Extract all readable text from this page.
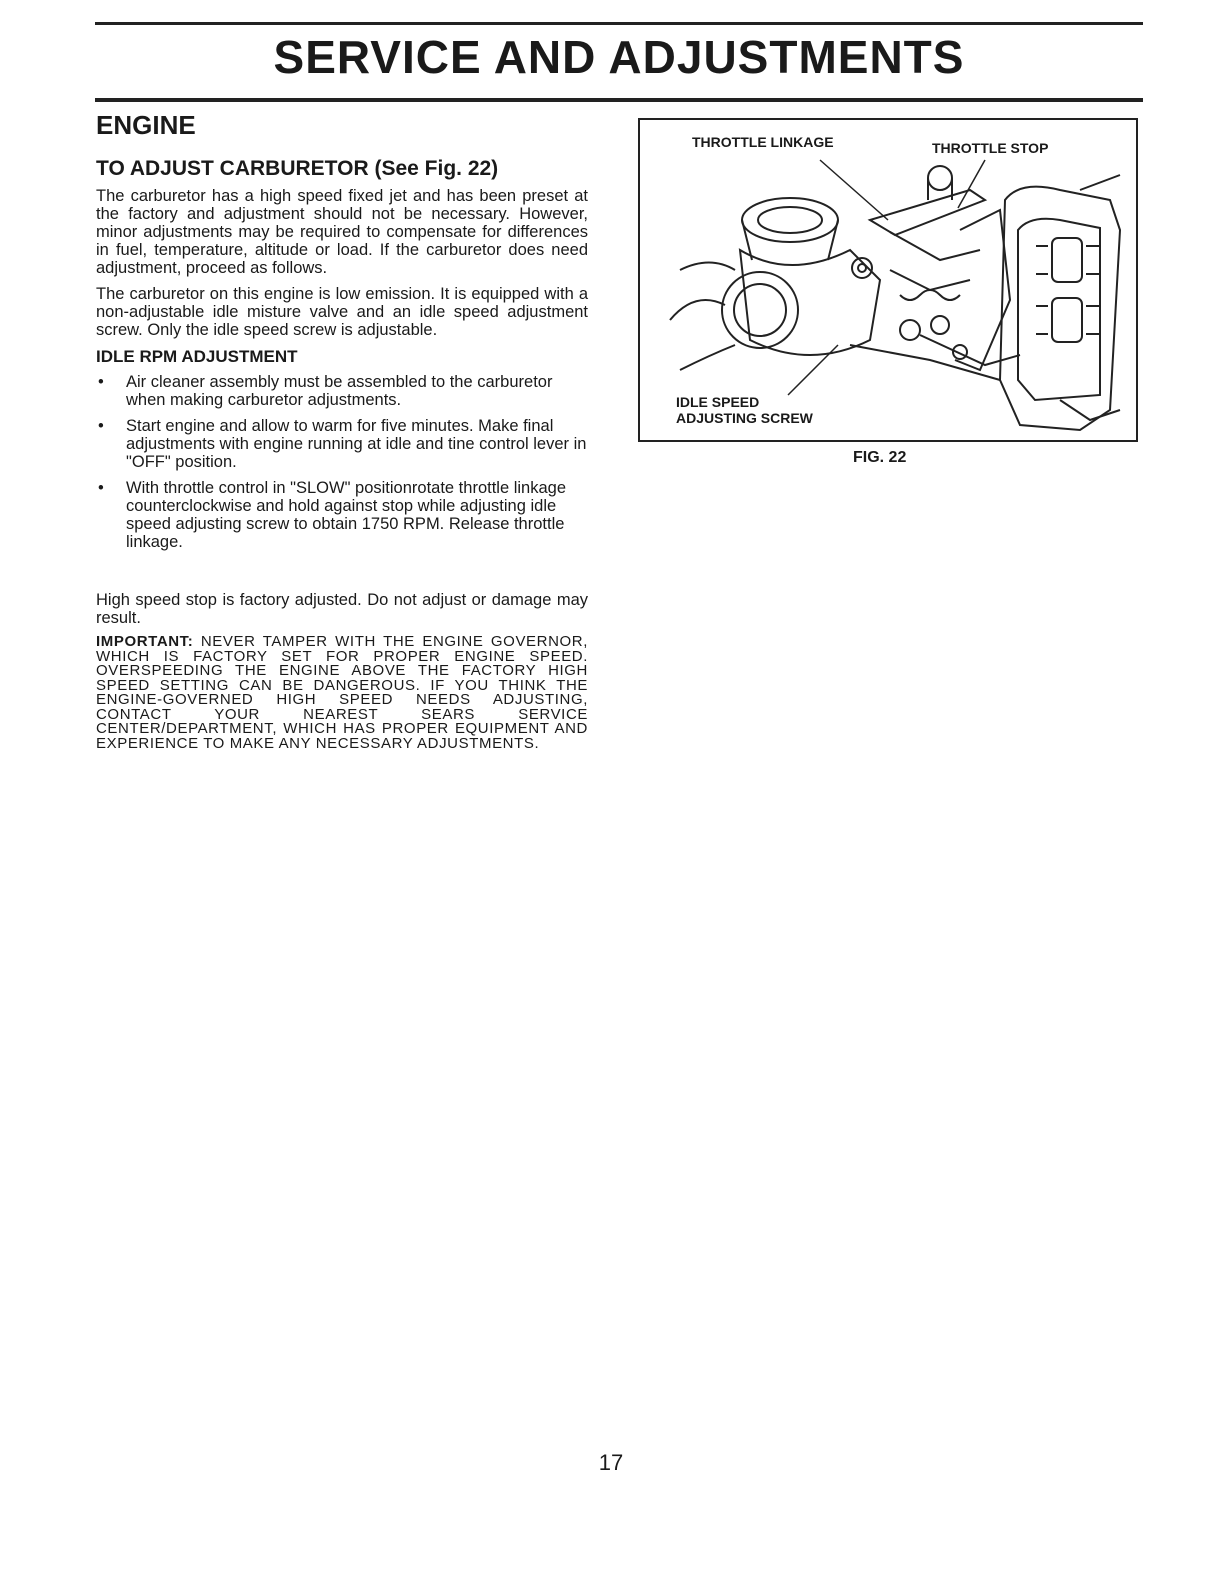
SERVICE AND ADJUSTMENTS
ENGINE
TO ADJUST CARBURETOR (See Fig. 22)

The carburetor has a high speed fixed jet and has been preset at the factory and adjustment should not be necessary. However, minor adjustments may be required to compensate for differences in fuel, temperature, altitude or load. If the carburetor does need adjustment, proceed as follows.

The carburetor on this engine is low emission. It is equipped with a non-adjustable idle misture valve and an idle speed adjustment screw. Only the idle speed screw is adjustable.

IDLE RPM ADJUSTMENT
•	Air cleaner assembly must be assembled to the carburetor when making carburetor adjustments.
•	Start engine and allow to warm for five minutes. Make final adjustments with engine running at idle and tine control lever in "OFF" position.
•	With throttle control in "SLOW" positionrotate throttle linkage counterclockwise and hold against stop while adjusting idle speed adjusting screw to obtain 1750 RPM. Release throttle linkage.

High speed stop is factory adjusted. Do not adjust or damage may result.

IMPORTANT: NEVER TAMPER WITH THE ENGINE GOVERNOR, WHICH IS FACTORY SET FOR PROPER ENGINE SPEED. OVERSPEEDING THE ENGINE ABOVE THE FACTORY HIGH SPEED SETTING CAN BE DANGEROUS. IF YOU THINK THE ENGINE-GOVERNED HIGH SPEED NEEDS ADJUSTING, CONTACT YOUR NEAREST SEARS SERVICE CENTER/DEPARTMENT, WHICH HAS PROPER EQUIPMENT AND EXPERIENCE TO MAKE ANY NECESSARY ADJUSTMENTS.

THROTTLE LINKAGE	THROTTLE STOP
IDLE SPEED
ADJUSTING SCREW
FIG. 22
17
